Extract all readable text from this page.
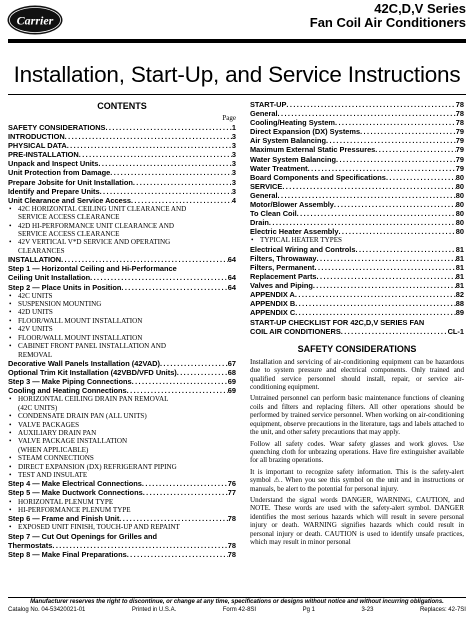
Carrier
42C,D,V Series
Fan Coil Air Conditioners
Installation, Start-Up, and Service Instructions
CONTENTS
Page
SAFETY CONSIDERATIONS .....	1
INTRODUCTION .....	3
PHYSICAL DATA .....	3
PRE-INSTALLATION .....	3
Unpack and Inspect Units .....	3
Unit Protection from Damage .....	3
Prepare Jobsite for Unit Installation .....	3
Identify and Prepare Units .....	3
Unit Clearance and Service Access .....	4
• 42C HORIZONTAL CEILING UNIT CLEARANCE AND
SERVICE ACCESS CLEARANCE
• 42D HI-PERFORMANCE UNIT CLEARANCE AND
SERVICE ACCESS CLEARANCE
• 42V VERTICAL V*D SERVICE AND OPERATING
CLEARANCES
INSTALLATION .....	64
Step 1 — Horizontal Ceiling and Hi-Performance
Ceiling Unit Installation .....	64
Step 2 — Place Units in Position .....	64
• 42C UNITS
• SUSPENSION MOUNTING
• 42D UNITS
• FLOOR/WALL MOUNT INSTALLATION
• 42V UNITS
• FLOOR/WALL MOUNT INSTALLATION
• CABINET FRONT PANEL INSTALLATION AND
REMOVAL
Decorative Wall Panels Installation (42VAD) .....	67
Optional Trim Kit Installation (42VBD/VFD Units) .....	68
Step 3 — Make Piping Connections .....	69
Cooling and Heating Connections .....	69
• HORIZONTAL CEILING DRAIN PAN REMOVAL
(42C UNITS)
• CONDENSATE DRAIN PAN (ALL UNITS)
• VALVE PACKAGES
• AUXILIARY DRAIN PAN
• VALVE PACKAGE INSTALLATION
(WHEN APPLICABLE)
• STEAM CONNECTIONS
• DIRECT EXPANSION (DX) REFRIGERANT PIPING
• TEST AND INSULATE
Step 4 — Make Electrical Connections .....	76
Step 5 — Make Ductwork Connections .....	77
• HORIZONTAL PLENUM TYPE
• HI-PERFORMANCE PLENUM TYPE
Step 6 — Frame and Finish Unit .....	78
• EXPOSED UNIT FINISH, TOUCH-UP AND REPAINT
Step 7 — Cut Out Openings for Grilles and
Thermostats .....	78
Step 8 — Make Final Preparations .....	78
START-UP .....	78
General .....	78
Cooling/Heating System .....	78
Direct Expansion (DX) Systems .....	79
Air System Balancing .....	79
Maximum External Static Pressures .....	79
Water System Balancing .....	79
Water Treatment .....	79
Board Components and Specifications .....	80
SERVICE .....	80
General .....	80
Motor/Blower Assembly .....	80
To Clean Coil .....	80
Drain .....	80
Electric Heater Assembly .....	80
• TYPICAL HEATER TYPES
Electrical Wiring and Controls .....	81
Filters, Throwaway .....	81
Filters, Permanent .....	81
Replacement Parts .....	81
Valves and Piping .....	81
APPENDIX A .....	82
APPENDIX B .....	88
APPENDIX C .....	89
START-UP CHECKLIST FOR 42C,D,V SERIES FAN
COIL AIR CONDITIONERS .....	CL-1
SAFETY CONSIDERATIONS

Installation and servicing of air-conditioning equipment can be hazardous due to system pressure and electrical components. Only trained and qualified service personnel should install, repair, or service air-conditioning equipment.

Untrained personnel can perform basic maintenance functions of cleaning coils and filters and replacing filters. All other operations should be performed by trained service personnel. When working on air-conditioning equipment, observe precautions in the literature, tags and labels attached to the unit, and other safety precautions that may apply.

Follow all safety codes. Wear safety glasses and work gloves. Use quenching cloth for unbrazing operations. Have fire extinguisher available for all brazing operations.

It is important to recognize safety information. This is the safety-alert symbol ⚠. When you see this symbol on the unit and in instructions or manuals, be alert to the potential for personal injury.

Understand the signal words DANGER, WARNING, CAUTION, and NOTE. These words are used with the safety-alert symbol. DANGER identifies the most serious hazards which will result in severe personal injury or death. WARNING signifies hazards which could result in personal injury or death. CAUTION is used to identify unsafe practices, which may result in minor personal

Manufacturer reserves the right to discontinue, or change at any time, specifications or designs without notice and without incurring obligations.
Catalog No. 04-53420021-01	Printed in U.S.A.	Form 42-8SI	Pg 1	3-23	Replaces: 42-7SI
